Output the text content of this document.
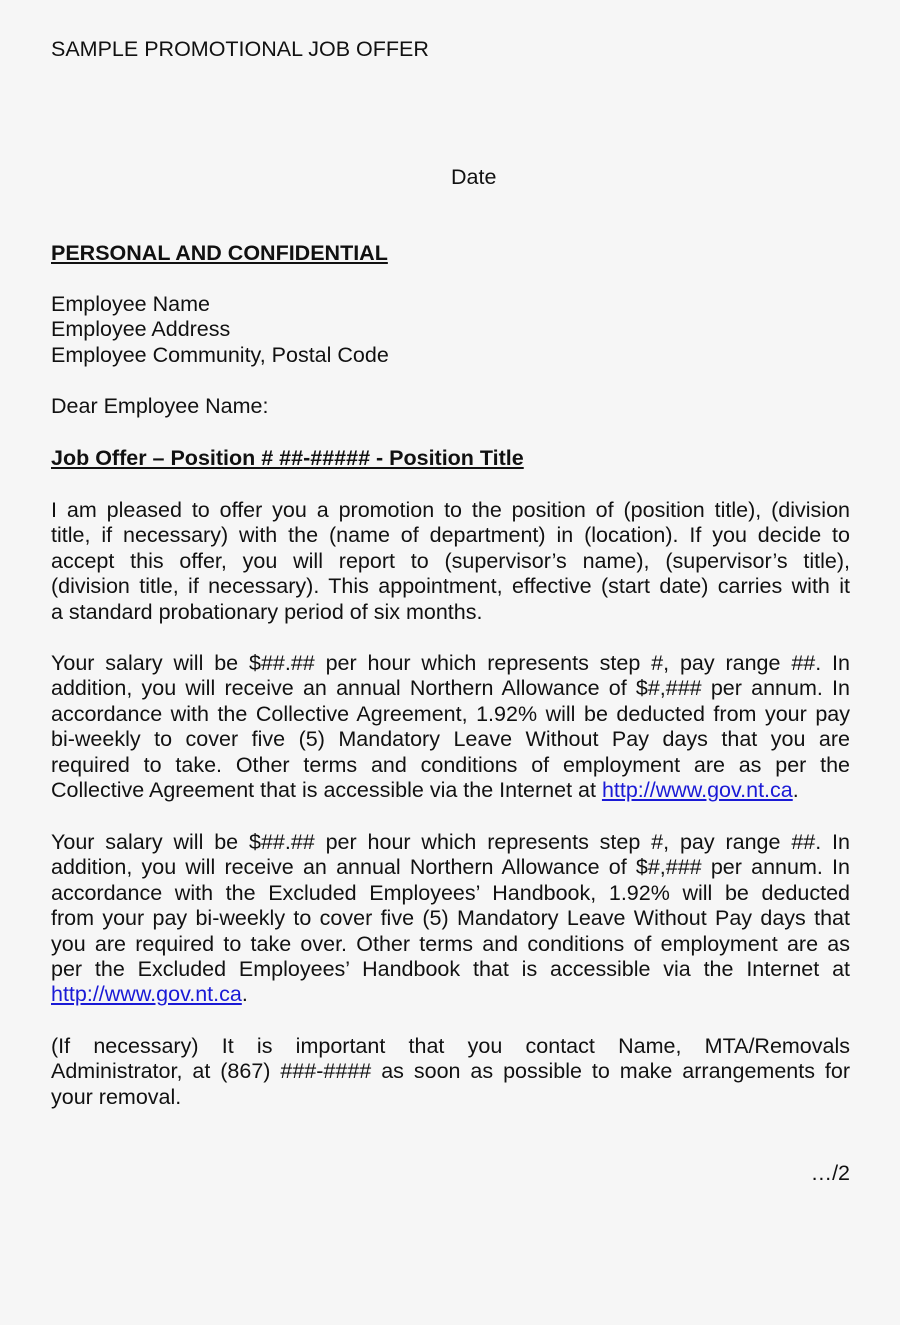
SAMPLE PROMOTIONAL JOB OFFER
Date
PERSONAL AND CONFIDENTIAL
Employee Name
Employee Address
Employee Community, Postal Code
Dear Employee Name:
Job Offer – Position # ##-##### - Position Title
I am pleased to offer you a promotion to the position of (position title), (division
title, if necessary) with the (name of department) in (location). If you decide to
accept this offer, you will report to (supervisor’s name), (supervisor’s title),
(division title, if necessary). This appointment, effective (start date) carries with it
a standard probationary period of six months.
Your salary will be $##.## per hour which represents step #, pay range ##. In
addition, you will receive an annual Northern Allowance of $#,### per annum. In
accordance with the Collective Agreement, 1.92% will be deducted from your pay
bi-weekly to cover five (5) Mandatory Leave Without Pay days that you are
required to take. Other terms and conditions of employment are as per the
Collective Agreement that is accessible via the Internet at http://www.gov.nt.ca.
Your salary will be $##.## per hour which represents step #, pay range ##. In
addition, you will receive an annual Northern Allowance of $#,### per annum. In
accordance with the Excluded Employees’ Handbook, 1.92% will be deducted
from your pay bi-weekly to cover five (5) Mandatory Leave Without Pay days that
you are required to take over. Other terms and conditions of employment are as
per the Excluded Employees’ Handbook that is accessible via the Internet at
http://www.gov.nt.ca.
(If necessary) It is important that you contact Name, MTA/Removals
Administrator, at (867) ###-#### as soon as possible to make arrangements for
your removal.
…/2
